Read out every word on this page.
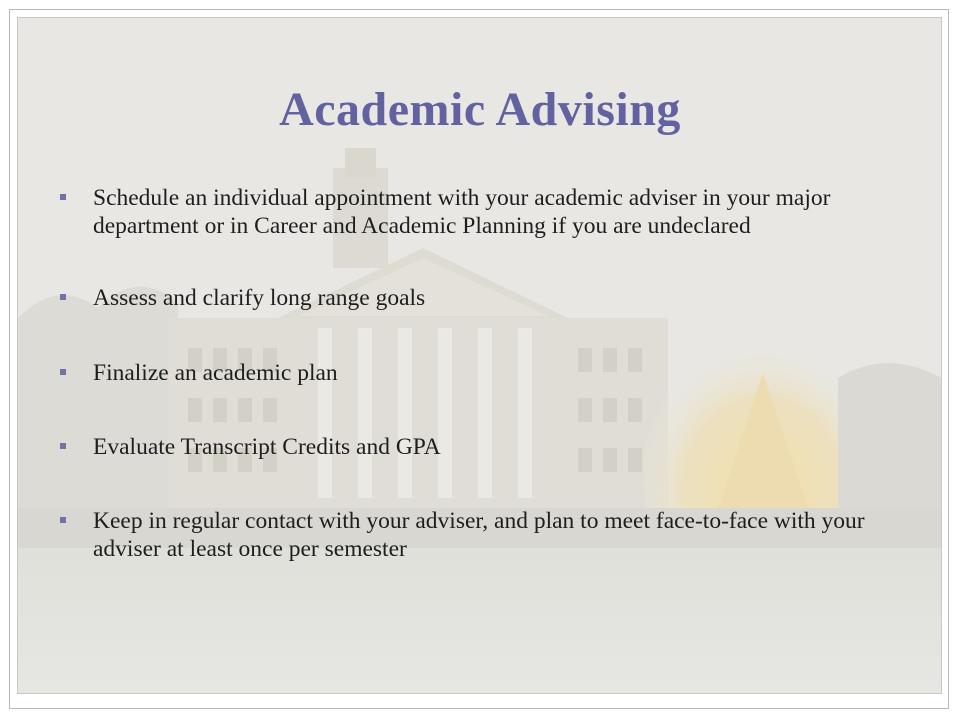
Academic Advising
Schedule an individual appointment with your academic adviser in your major department or in Career and Academic Planning if you are undeclared
Assess and clarify long range goals
Finalize an academic plan
Evaluate Transcript Credits and GPA
Keep in regular contact with your adviser, and plan to meet face-to-face with your adviser at least once per semester
